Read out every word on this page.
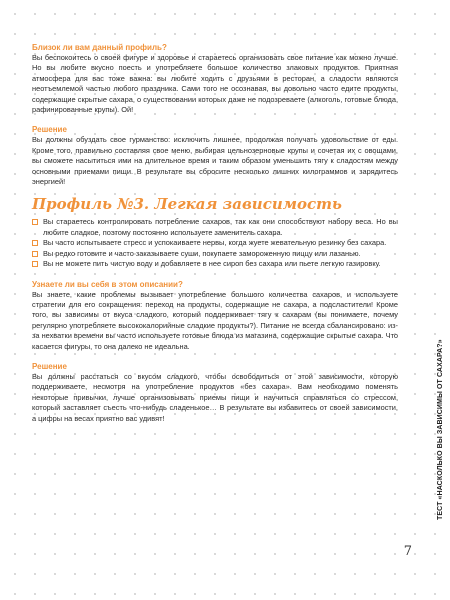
Близок ли вам данный профиль?

Вы беспокоитесь о своей фигуре и здоровье и стараетесь организовать свое питание как можно лучше. Но вы любите вкусно поесть и употребляете большое количество злаковых продуктов. Приятная атмосфера для вас тоже важна: вы любите ходить с друзьями в ресторан, а сладости являются неотъемлемой частью любого праздника. Сами того не осознавая, вы довольно часто едите продукты, содержащие скрытые сахара, о существовании которых даже не подозреваете (алкоголь, готовые блюда, рафинированные крупы). Ой!

Решение

Вы должны обуздать свое гурманство: исключить лишнее, продолжая получать удовольствие от еды. Кроме того, правильно составляя свое меню, выбирая цельнозерновые крупы и сочетая их с овощами, вы сможете насытиться ими на длительное время и таким образом уменьшить тягу к сладостям между основными приемами пищи. В результате вы сбросите несколько лишних килограммов и зарядитесь энергией!

Профиль №3. Легкая зависимость
Вы стараетесь контролировать потребление сахаров, так как они способствуют набору веса. Но вы любите сладкое, поэтому постоянно используете заменитель сахара.
Вы часто испытываете стресс и успокаиваете нервы, когда жуете жевательную резинку без сахара.
Вы редко готовите и часто заказываете суши, покупаете замороженную пиццу или лазанью.
Вы не можете пить чистую воду и добавляете в нее сироп без сахара или пьете легкую газировку.
Узнаете ли вы себя в этом описании?

Вы знаете, какие проблемы вызывает употребление большого количества сахаров, и используете стратегии для его сокращения: переход на продукты, содержащие не сахара, а подсластители! Кроме того, вы зависимы от вкуса сладкого, который поддерживает тягу к сахарам (вы понимаете, почему регулярно употребляете высококалорийные сладкие продукты?). Питание не всегда сбалансировано: из-за нехватки времени вы часто используете готовые блюда из магазина, содержащие скрытые сахара. Что касается фигуры, то она далеко не идеальна.

Решение

Вы должны расстаться со вкусом сладкого, чтобы освободиться от этой зависимости, которую поддерживаете, несмотря на употребление продуктов «без сахара». Вам необходимо поменять некоторые привычки, лучше организовывать приемы пищи и научиться справляться со стрессом, который заставляет съесть что-нибудь сладенькое… В результате вы избавитесь от своей зависимости, а цифры на весах приятно вас удивят!	ТЕСТ «НАСКОЛЬКО ВЫ ЗАВИСИМЫ ОТ САХАРА?»
7
